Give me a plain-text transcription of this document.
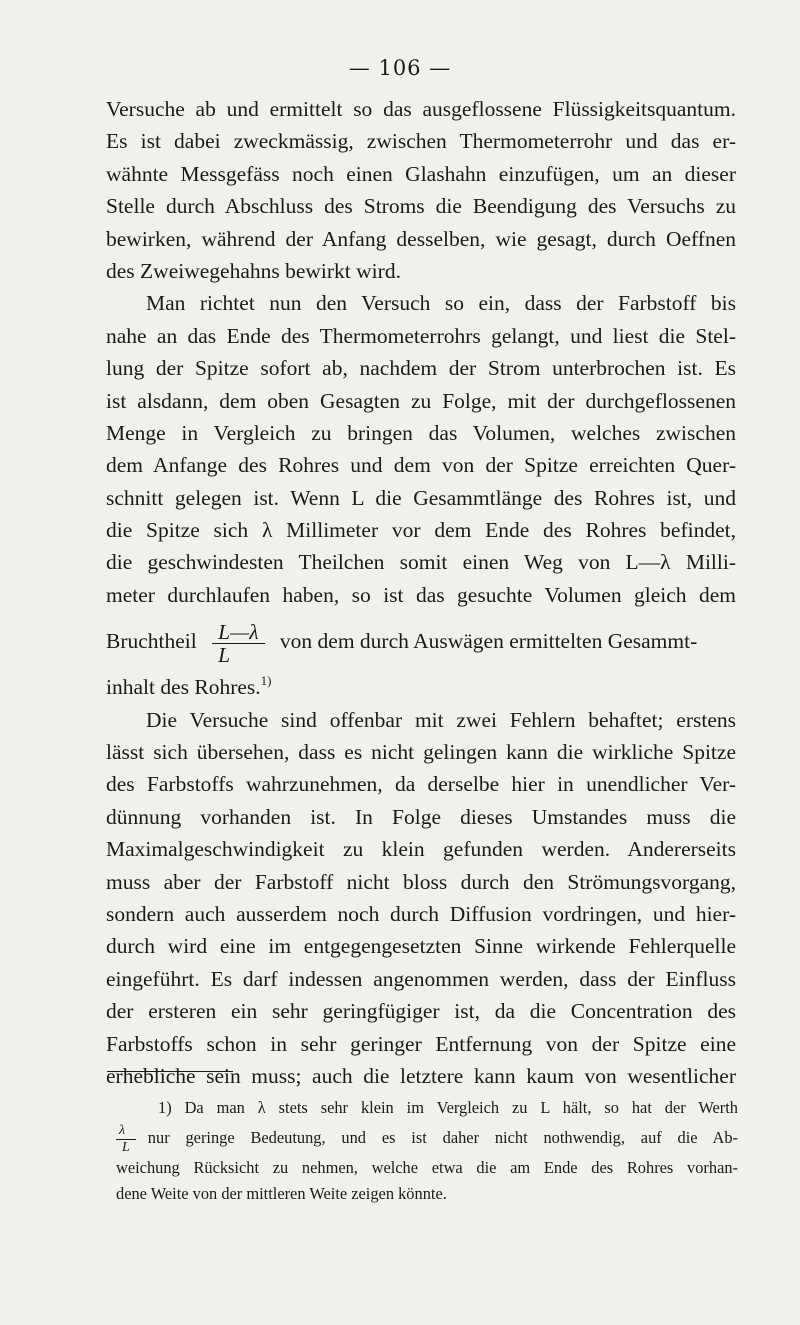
— 106 —
Versuche ab und ermittelt so das ausgeflossene Flüssigkeitsquantum.
Es ist dabei zweckmässig, zwischen Thermometerrohr und das er-
wähnte Messgefäss noch einen Glashahn einzufügen, um an dieser
Stelle durch Abschluss des Stroms die Beendigung des Versuchs zu
bewirken, während der Anfang desselben, wie gesagt, durch Oeffnen
des Zweiwegehahns bewirkt wird.
Man richtet nun den Versuch so ein, dass der Farbstoff bis
nahe an das Ende des Thermometerrohrs gelangt, und liest die Stel-
lung der Spitze sofort ab, nachdem der Strom unterbrochen ist. Es
ist alsdann, dem oben Gesagten zu Folge, mit der durchgeflossenen
Menge in Vergleich zu bringen das Volumen, welches zwischen
dem Anfange des Rohres und dem von der Spitze erreichten Quer-
schnitt gelegen ist. Wenn L die Gesammtlänge des Rohres ist, und
die Spitze sich λ Millimeter vor dem Ende des Rohres befindet,
die geschwindesten Theilchen somit einen Weg von L—λ Milli-
meter durchlaufen haben, so ist das gesuchte Volumen gleich dem
Bruchtheil $\frac{L—\lambda}{L}$ von dem durch Auswägen ermittelten Gesammt-
inhalt des Rohres.$^{1)}$
Die Versuche sind offenbar mit zwei Fehlern behaftet; erstens
lässt sich übersehen, dass es nicht gelingen kann die wirkliche Spitze
des Farbstoffs wahrzunehmen, da derselbe hier in unendlicher Ver-
dünnung vorhanden ist. In Folge dieses Umstandes muss die
Maximalgeschwindigkeit zu klein gefunden werden. Andererseits
muss aber der Farbstoff nicht bloss durch den Strömungsvorgang,
sondern auch ausserdem noch durch Diffusion vordringen, und hier-
durch wird eine im entgegengesetzten Sinne wirkende Fehlerquelle
eingeführt. Es darf indessen angenommen werden, dass der Einfluss
der ersteren ein sehr geringfügiger ist, da die Concentration des
Farbstoffs schon in sehr geringer Entfernung von der Spitze eine
erhebliche sein muss; auch die letztere kann kaum von wesentlicher
1) Da man λ stets sehr klein im Vergleich zu L hält, so hat der Werth
$\frac{\lambda}{L}$ nur geringe Bedeutung, und es ist daher nicht nothwendig, auf die Ab-
weichung Rücksicht zu nehmen, welche etwa die am Ende des Rohres vorhan-
dene Weite von der mittleren Weite zeigen könnte.
